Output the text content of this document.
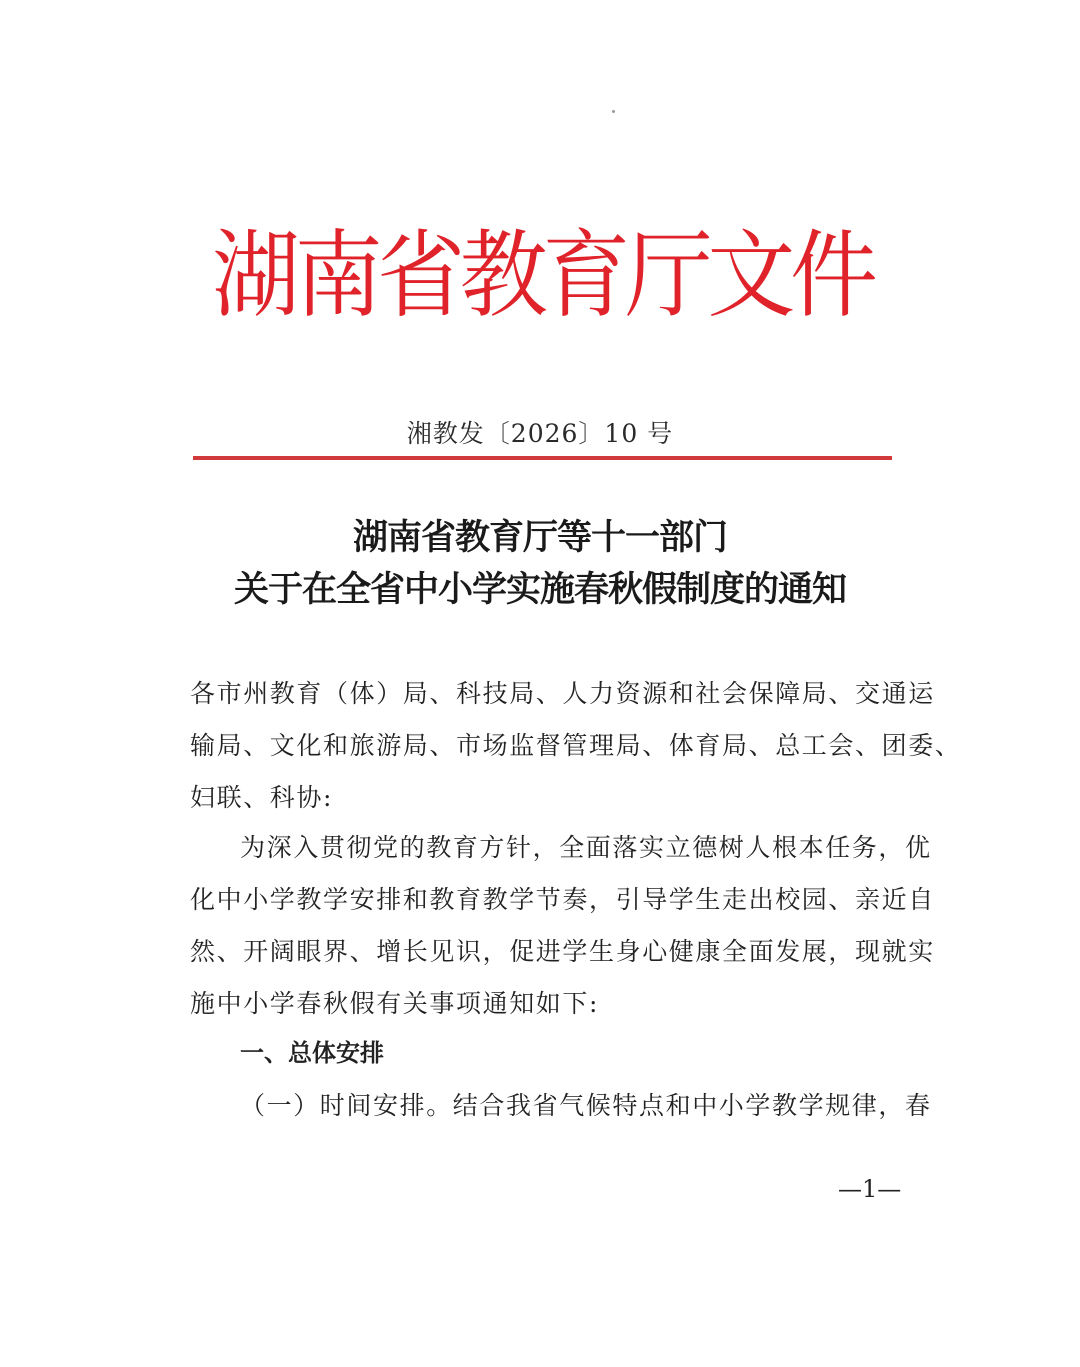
湖
南
省
教
育
厅
文
件
湘教发〔2026〕10 号
湖南省教育厅等十一部门
关于在全省中小学实施春秋假制度的通知
各市州教育（体）局、科技局、人力资源和社会保障局、交通运
输局、文化和旅游局、市场监督管理局、体育局、总工会、团委、
妇联、科协:
为深入贯彻党的教育方针，全面落实立德树人根本任务，优
化中小学教学安排和教育教学节奏，引导学生走出校园、亲近自
然、开阔眼界、增长见识，促进学生身心健康全面发展，现就实
施中小学春秋假有关事项通知如下:
一、总体安排
（一）时间安排。结合我省气候特点和中小学教学规律，春
—1—
